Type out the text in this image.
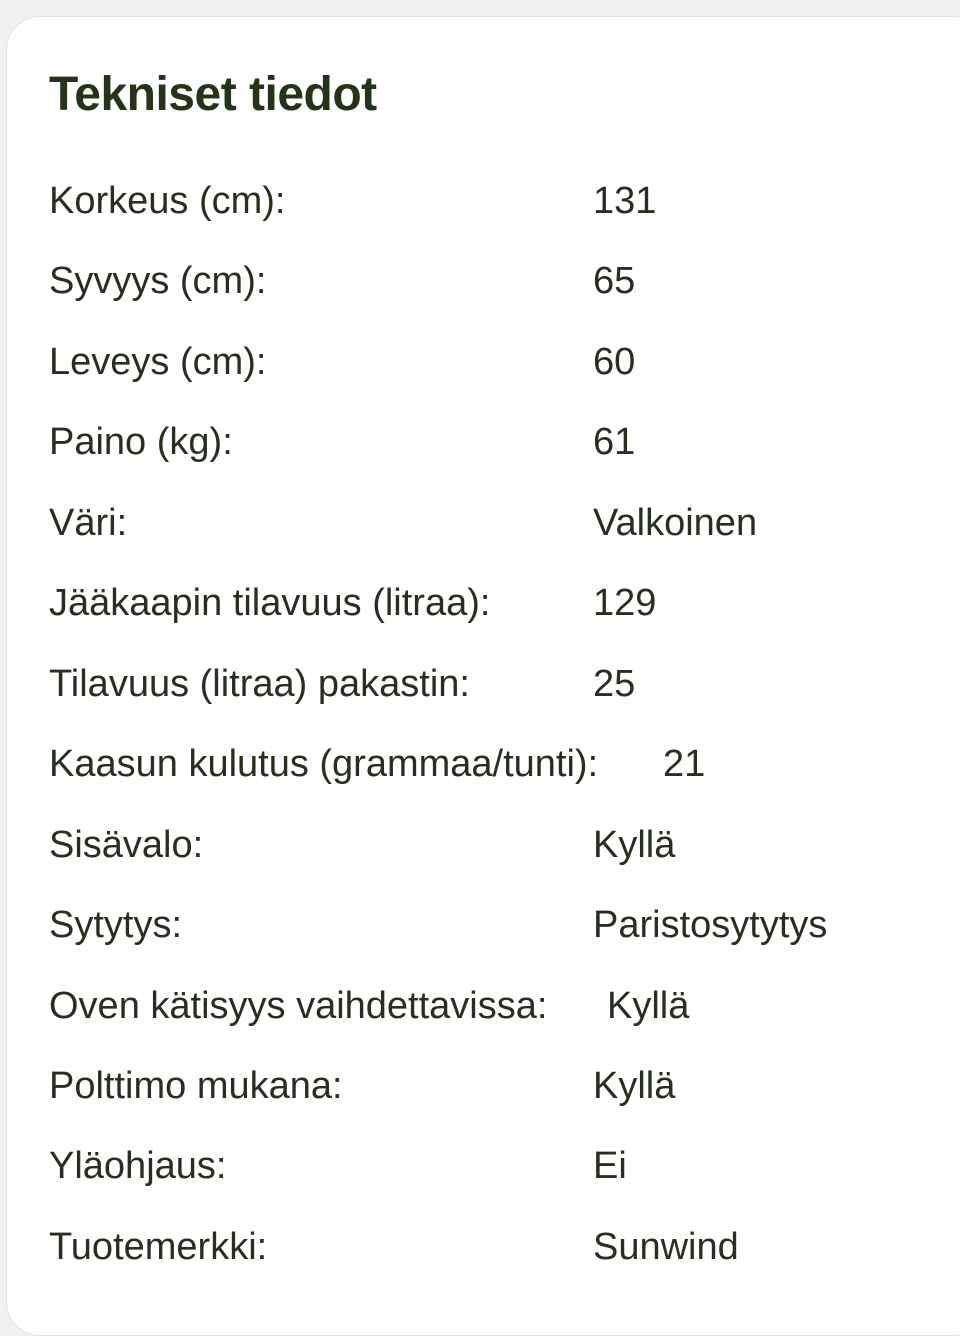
Tekniset tiedot
Korkeus (cm):	131
Syvyys (cm):	65
Leveys (cm):	60
Paino (kg):	61
Väri:	Valkoinen
Jääkaapin tilavuus (litraa):	129
Tilavuus (litraa) pakastin:	25
Kaasun kulutus (grammaa/tunti): 21
Sisävalo:	Kyllä
Sytytys:	Paristosytytys
Oven kätisyys vaihdettavissa: Kyllä
Polttimo mukana:	Kyllä
Yläohjaus:	Ei
Tuotemerkki:	Sunwind
